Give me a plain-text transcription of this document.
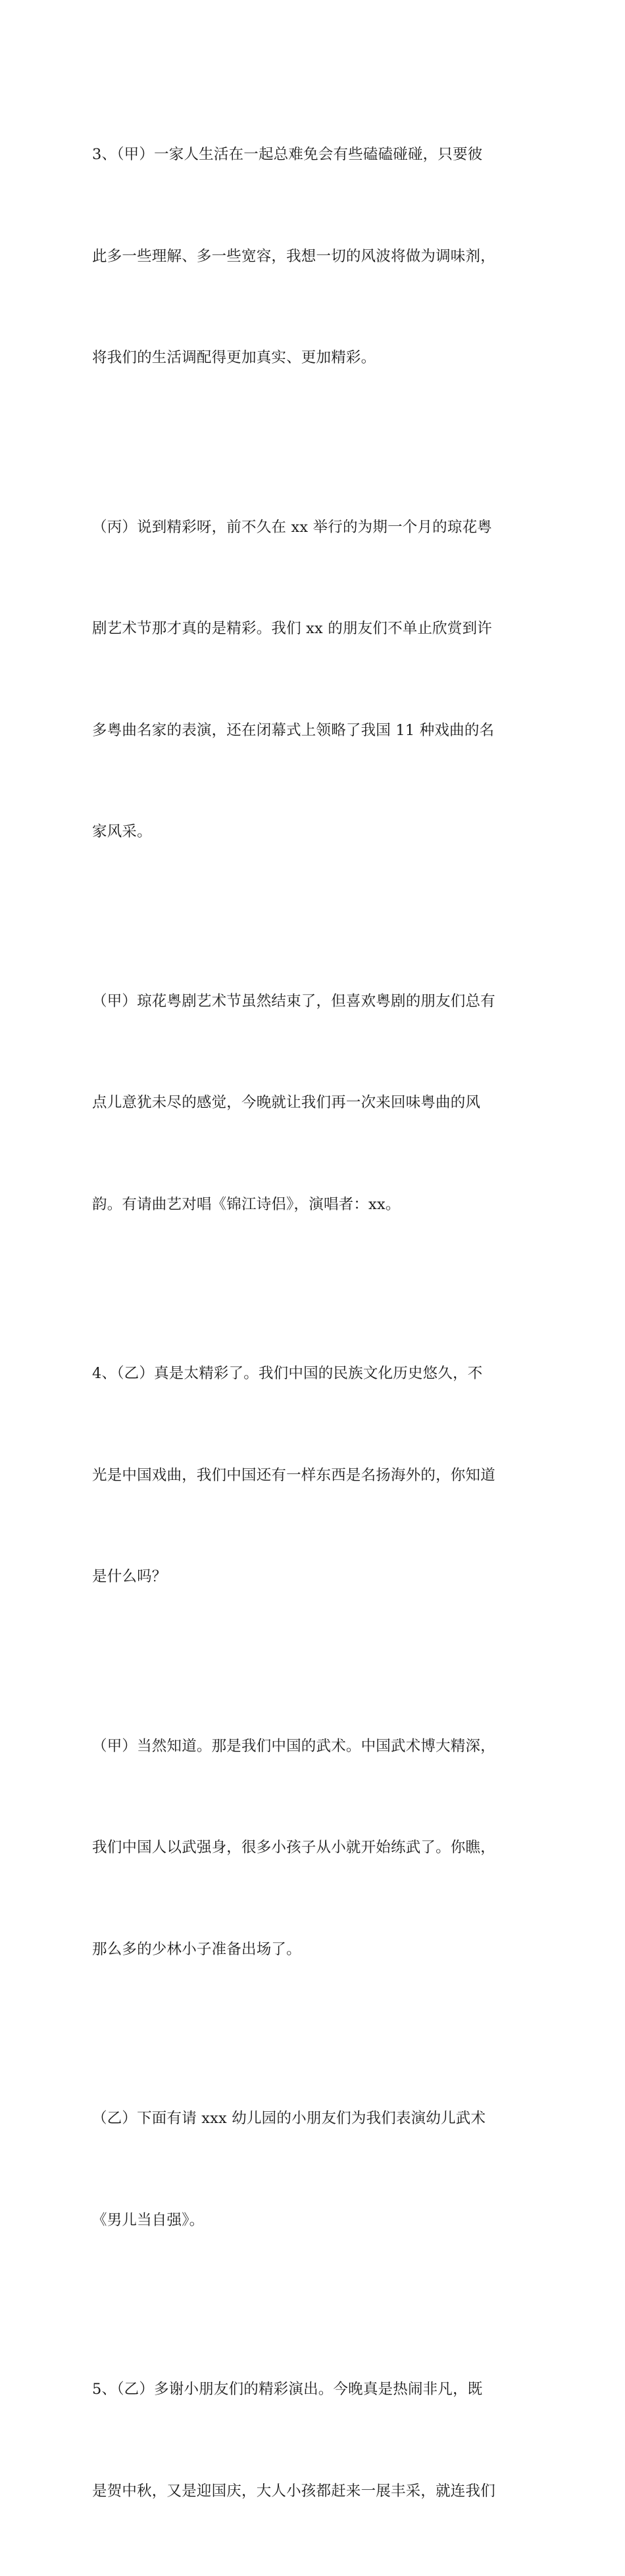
3、（甲）一家人生活在一起总难免会有些磕磕碰碰，只要彼

此多一些理解、多一些宽容，我想一切的风波将做为调味剂，

将我们的生活调配得更加真实、更加精彩。

（丙）说到精彩呀，前不久在 xx 举行的为期一个月的琼花粤

剧艺术节那才真的是精彩。我们 xx 的朋友们不单止欣赏到许

多粤曲名家的表演，还在闭幕式上领略了我国 11 种戏曲的名

家风采。

（甲）琼花粤剧艺术节虽然结束了，但喜欢粤剧的朋友们总有

点儿意犹未尽的感觉，今晚就让我们再一次来回味粤曲的风

韵。有请曲艺对唱《锦江诗侣》，演唱者：xx。

4、（乙）真是太精彩了。我们中国的民族文化历史悠久，不

光是中国戏曲，我们中国还有一样东西是名扬海外的，你知道

是什么吗？

（甲）当然知道。那是我们中国的武术。中国武术博大精深，

我们中国人以武强身，很多小孩子从小就开始练武了。你瞧，

那么多的少林小子准备出场了。

（乙）下面有请 xxx 幼儿园的小朋友们为我们表演幼儿武术

《男儿当自强》。

5、（乙）多谢小朋友们的精彩演出。今晚真是热闹非凡，既

是贺中秋，又是迎国庆，大人小孩都赶来一展丰采，就连我们
